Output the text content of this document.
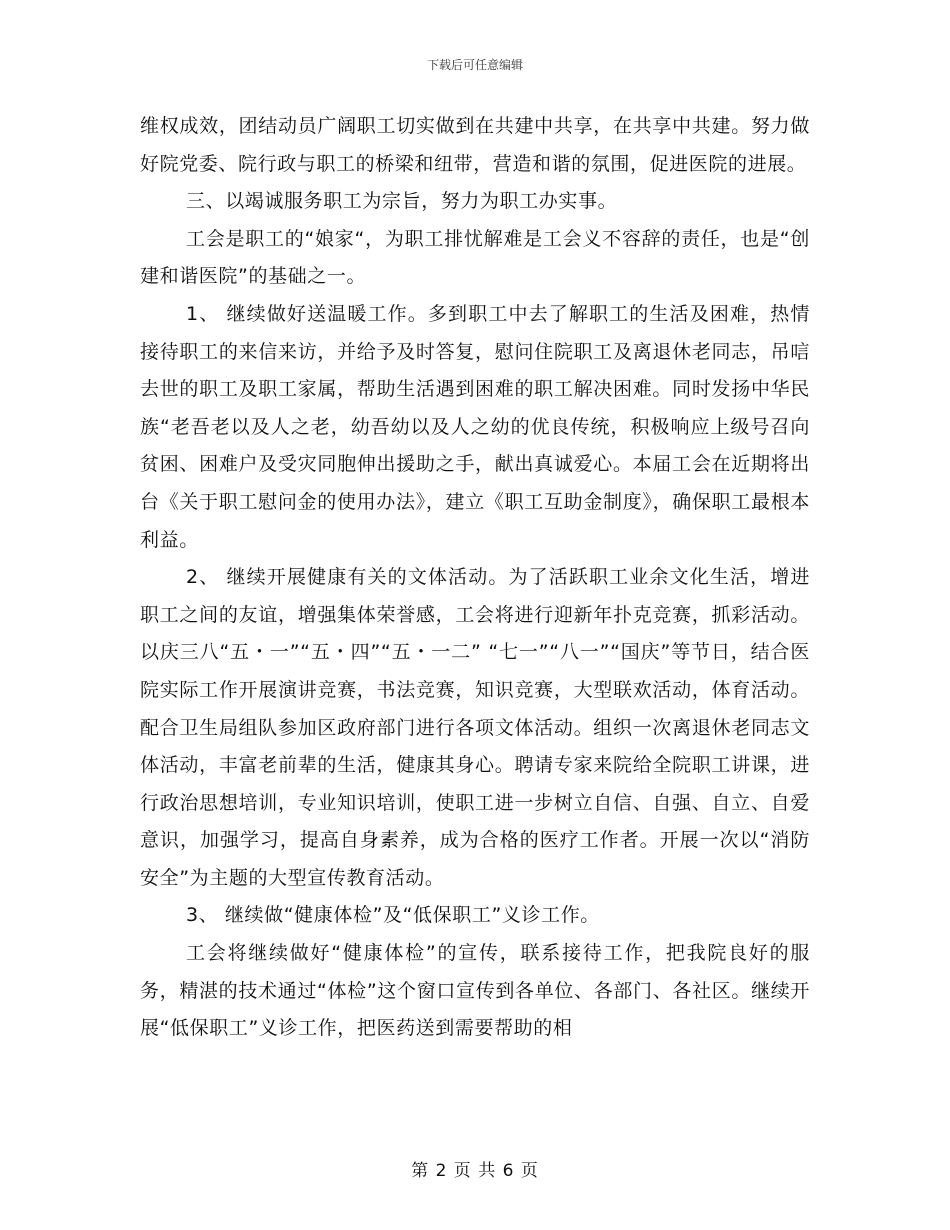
下载后可任意编辑

维权成效，团结动员广阔职工切实做到在共建中共享，在共享中共建。努力做好院党委、院行政与职工的桥梁和纽带，营造和谐的氛围，促进医院的进展。

三、以竭诚服务职工为宗旨，努力为职工办实事。

工会是职工的“娘家“，为职工排忧解难是工会义不容辞的责任，也是“创建和谐医院”的基础之一。

1、 继续做好送温暖工作。多到职工中去了解职工的生活及困难，热情接待职工的来信来访，并给予及时答复，慰问住院职工及离退休老同志，吊唁去世的职工及职工家属，帮助生活遇到困难的职工解决困难。同时发扬中华民族“老吾老以及人之老，幼吾幼以及人之幼的优良传统，积极响应上级号召向贫困、困难户及受灾同胞伸出援助之手，献出真诚爱心。本届工会在近期将出台《关于职工慰问金的使用办法》，建立《职工互助金制度》，确保职工最根本利益。

2、 继续开展健康有关的文体活动。为了活跃职工业余文化生活，增进职工之间的友谊，增强集体荣誉感，工会将进行迎新年扑克竞赛，抓彩活动。以庆三八“五・一”“五・四”“五・一二” “七一”“八一”“国庆”等节日，结合医院实际工作开展演讲竞赛，书法竞赛，知识竞赛，大型联欢活动，体育活动。配合卫生局组队参加区政府部门进行各项文体活动。组织一次离退休老同志文体活动，丰富老前辈的生活，健康其身心。聘请专家来院给全院职工讲课，进行政治思想培训，专业知识培训，使职工进一步树立自信、自强、自立、自爱意识，加强学习，提高自身素养，成为合格的医疗工作者。开展一次以“消防安全”为主题的大型宣传教育活动。

3、 继续做“健康体检”及“低保职工”义诊工作。

工会将继续做好“健康体检”的宣传，联系接待工作，把我院良好的服务，精湛的技术通过“体检”这个窗口宣传到各单位、各部门、各社区。继续开展“低保职工”义诊工作，把医药送到需要帮助的相

第 2 页 共 6 页
